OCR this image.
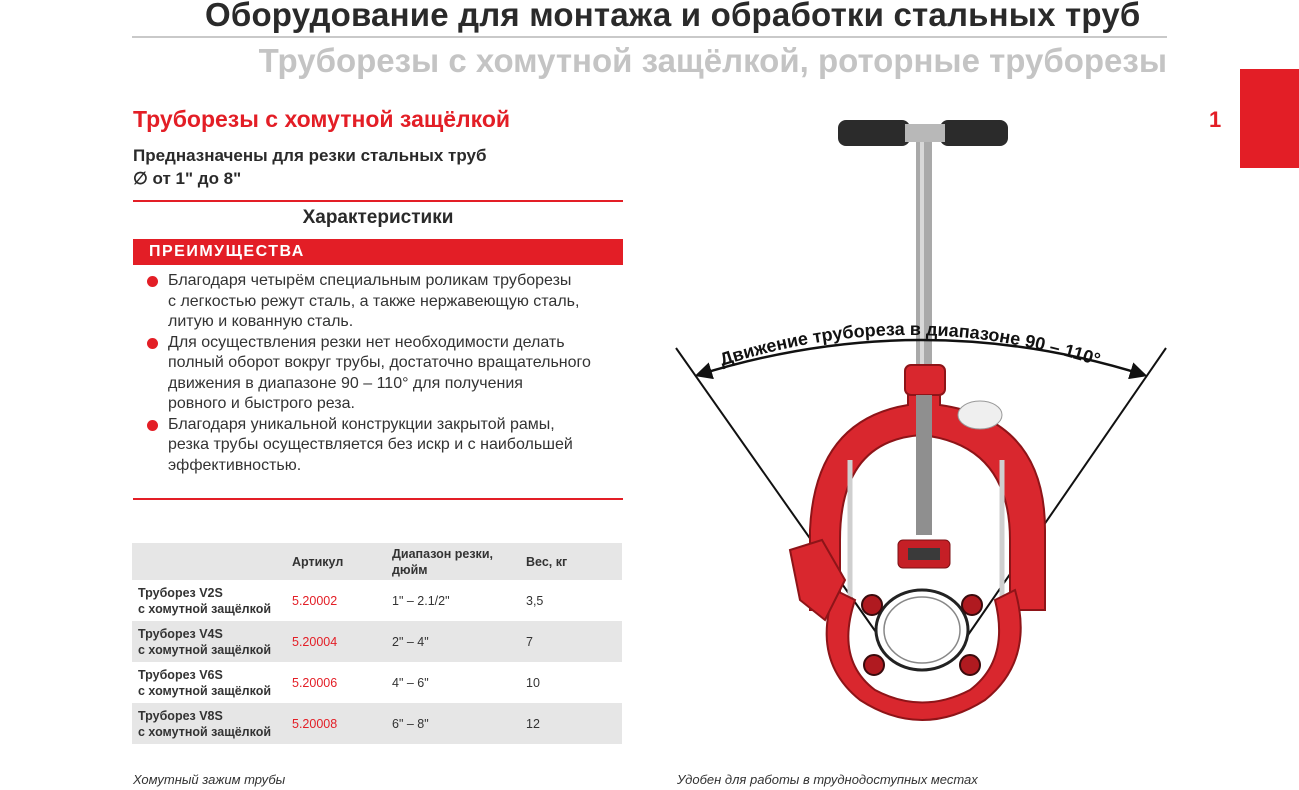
Оборудование для монтажа и обработки стальных труб
Труборезы с хомутной защёлкой, роторные труборезы
1
Труборезы с хомутной защёлкой

Предназначены для резки стальных труб
∅ от 1" до 8"

Характеристики
ПРЕИМУЩЕСТВА
Благодаря четырём специальным роликам труборезы
с легкостью режут сталь, а также нержавеющую сталь,
литую и кованную сталь.
Для осуществления резки нет необходимости делать
полный оборот вокруг трубы, достаточно вращательного
движения в диапазоне 90 – 110° для получения
ровного и быстрого реза.
Благодаря уникальной конструкции закрытой рамы,
резка трубы осуществляется без искр и с наибольшей
эффективностью.
	Артикул	Диапазон резки,
дюйм	Вес, кг
Труборез V2S
с хомутной защёлкой	5.20002	1" – 2.1/2"	3,5
Труборез V4S
с хомутной защёлкой	5.20004	2" – 4"	7
Труборез V6S
с хомутной защёлкой	5.20006	4" – 6"	10
Труборез V8S
с хомутной защёлкой	5.20008	6" – 8"	12
Хомутный зажим трубы	Удобен для работы в труднодоступных местах
Движение трубореза в диапазоне 90 – 110°
